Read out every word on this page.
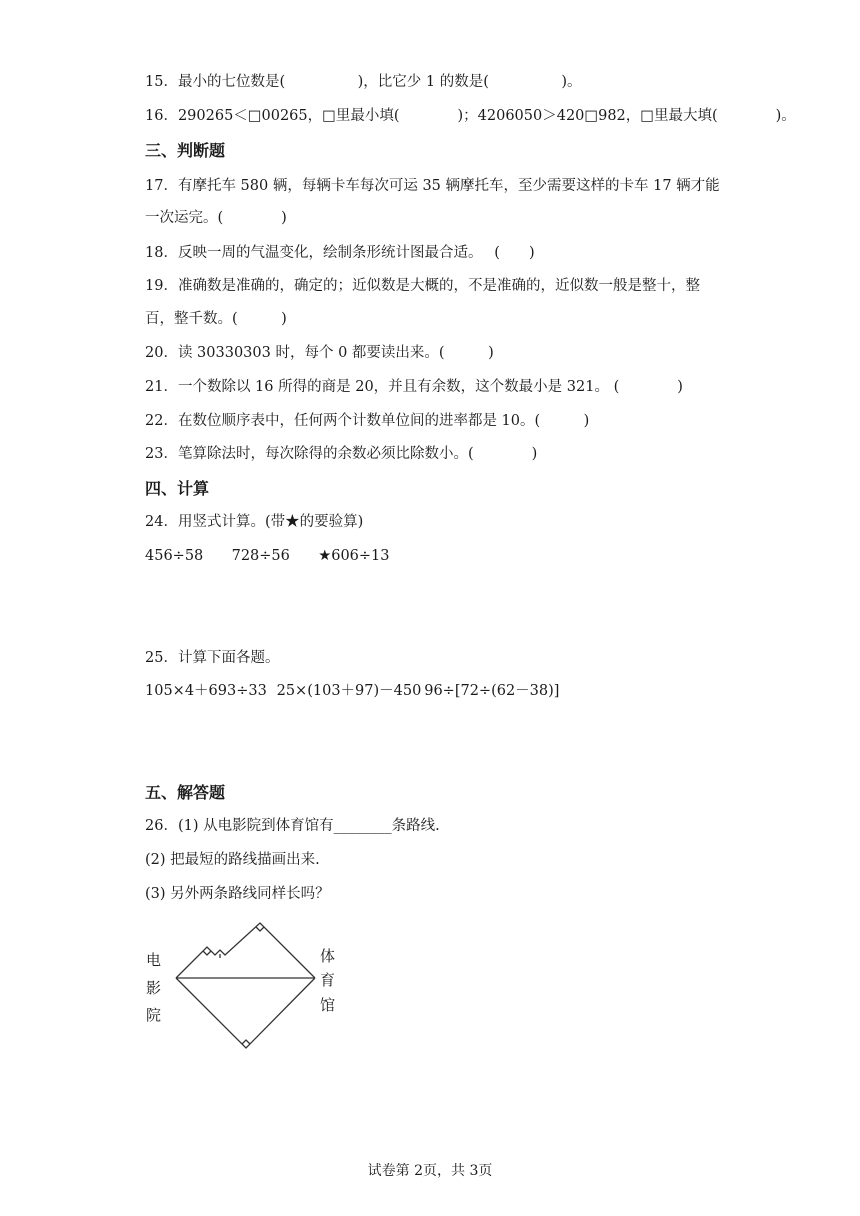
15．最小的七位数是(　　　　　)，比它少 1 的数是(　　　　　)。
16．290265＜□00265，□里最小填(　　　　)；4206050＞420□982，□里最大填(　　　　)。
三、判断题
17．有摩托车 580 辆，每辆卡车每次可运 35 辆摩托车，至少需要这样的卡车 17 辆才能
一次运完。(　　　　)
18．反映一周的气温变化，绘制条形统计图最合适。　 (　　)
19．准确数是准确的，确定的；近似数是大概的，不是准确的，近似数一般是整十，整
百，整千数。(　　　)
20．读 30330303 时，每个 0 都要读出来。(　　　)
21．一个数除以 16 所得的商是 20，并且有余数，这个数最小是 321。 (　　　　)
22．在数位顺序表中，任何两个计数单位间的进率都是 10。(　　　)
23．笔算除法时，每次除得的余数必须比除数小。(　　　　)
四、计算
24．用竖式计算。(带★的要验算)
456÷58 728÷56 ★606÷13
25．计算下面各题。
105×4＋693÷33 25×(103＋97)－450 96÷[72÷(62－38)]
五、解答题
26．(1) 从电影院到体育馆有________条路线.
(2) 把最短的路线描画出来.
(3) 另外两条路线同样长吗？
电
影
院
体
育
馆
试卷第 2页，共 3页
